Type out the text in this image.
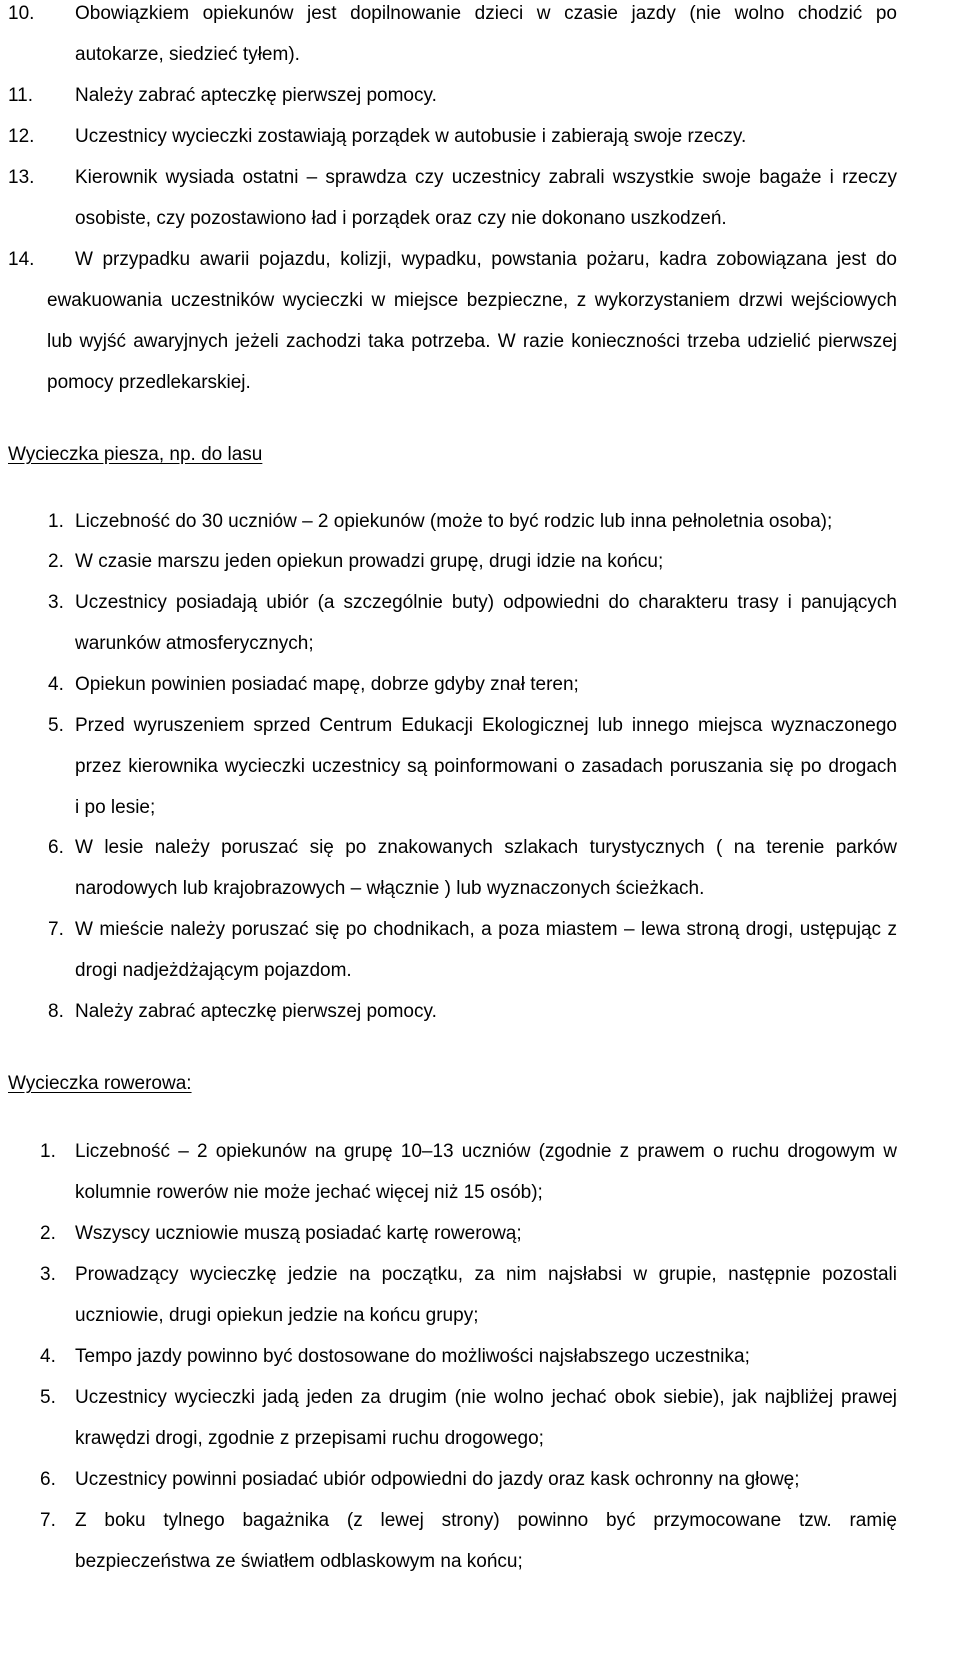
10. Obowiązkiem opiekunów jest dopilnowanie dzieci w czasie jazdy (nie wolno chodzić po
autokarze, siedzieć tyłem).
11. Należy zabrać apteczkę pierwszej pomocy.
12. Uczestnicy wycieczki zostawiają porządek w autobusie i zabierają swoje rzeczy.
13. Kierownik wysiada ostatni – sprawdza czy uczestnicy zabrali wszystkie swoje bagaże i rzeczy
osobiste, czy pozostawiono ład i porządek oraz czy nie dokonano uszkodzeń.
14. W przypadku awarii pojazdu, kolizji, wypadku, powstania pożaru, kadra zobowiązana jest do
ewakuowania uczestników wycieczki w miejsce bezpieczne, z wykorzystaniem drzwi wejściowych
lub wyjść awaryjnych jeżeli zachodzi taka potrzeba. W razie konieczności trzeba udzielić pierwszej
pomocy przedlekarskiej.
Wycieczka piesza, np. do lasu
1. Liczebność do 30 uczniów – 2 opiekunów (może to być rodzic lub inna pełnoletnia osoba);
2. W czasie marszu jeden opiekun prowadzi grupę, drugi idzie na końcu;
3. Uczestnicy posiadają ubiór (a szczególnie buty) odpowiedni do charakteru trasy i panujących
warunków atmosferycznych;
4. Opiekun powinien posiadać mapę, dobrze gdyby znał teren;
5. Przed wyruszeniem sprzed Centrum Edukacji Ekologicznej lub innego miejsca wyznaczonego
przez kierownika wycieczki uczestnicy są poinformowani o zasadach poruszania się po drogach
i po lesie;
6. W lesie należy poruszać się po znakowanych szlakach turystycznych ( na terenie parków
narodowych lub krajobrazowych – włącznie ) lub wyznaczonych ścieżkach.
7. W mieście należy poruszać się po chodnikach, a poza miastem – lewa stroną drogi, ustępując z
drogi nadjeżdżającym pojazdom.
8. Należy zabrać apteczkę pierwszej pomocy.
Wycieczka rowerowa:
1. Liczebność – 2 opiekunów na grupę 10–13 uczniów (zgodnie z prawem o ruchu drogowym w
kolumnie rowerów nie może jechać więcej niż 15 osób);
2. Wszyscy uczniowie muszą posiadać kartę rowerową;
3. Prowadzący wycieczkę jedzie na początku, za nim najsłabsi w grupie, następnie pozostali
uczniowie, drugi opiekun jedzie na końcu grupy;
4. Tempo jazdy powinno być dostosowane do możliwości najsłabszego uczestnika;
5. Uczestnicy wycieczki jadą jeden za drugim (nie wolno jechać obok siebie), jak najbliżej prawej
krawędzi drogi, zgodnie z przepisami ruchu drogowego;
6. Uczestnicy powinni posiadać ubiór odpowiedni do jazdy oraz kask ochronny na głowę;
7. Z boku tylnego bagażnika (z lewej strony) powinno być przymocowane tzw. ramię
bezpieczeństwa ze światłem odblaskowym na końcu;
